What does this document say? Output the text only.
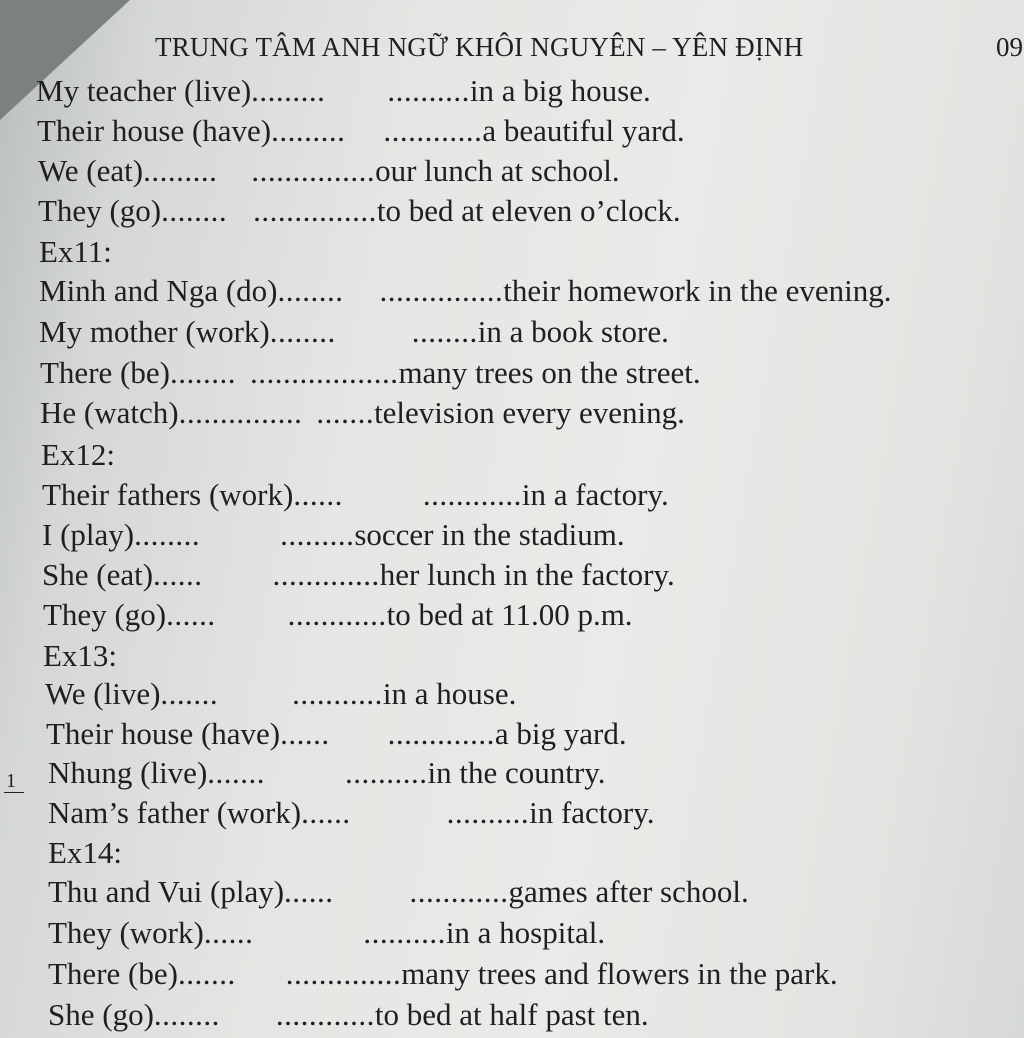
TRUNG TÂM ANH NGỮ KHÔI NGUYÊN – YÊN ĐỊNH	09
1
My teacher (live)......... ..........in a big house.
Their house (have)......... ............a beautiful yard.
We (eat)......... ...............our lunch at school.
They (go)........ ...............to bed at eleven o’clock.
Ex11:
Minh and Nga (do)........ ...............their homework in the evening.
My mother (work)........ ........in a book store.
There (be)........ ..................many trees on the street.
He (watch)............... .......television every evening.
Ex12:
Their fathers (work)......	............in a factory.
I (play)........	.........soccer in the stadium.
She (eat)...... .............her lunch in the factory.
They (go)...... ............to bed at 11.00 p.m.
Ex13:
We (live)....... ...........in a house.
Their house (have)...... .............a big yard.
Nhung (live).......	..........in the country.
Nam’s father (work)......	..........in factory.
Ex14:
Thu and Vui (play)...... ............games after school.
They (work)......	..........in a hospital.
There (be)....... ..............many trees and flowers in the park.
She (go)........ ............to bed at half past ten.
